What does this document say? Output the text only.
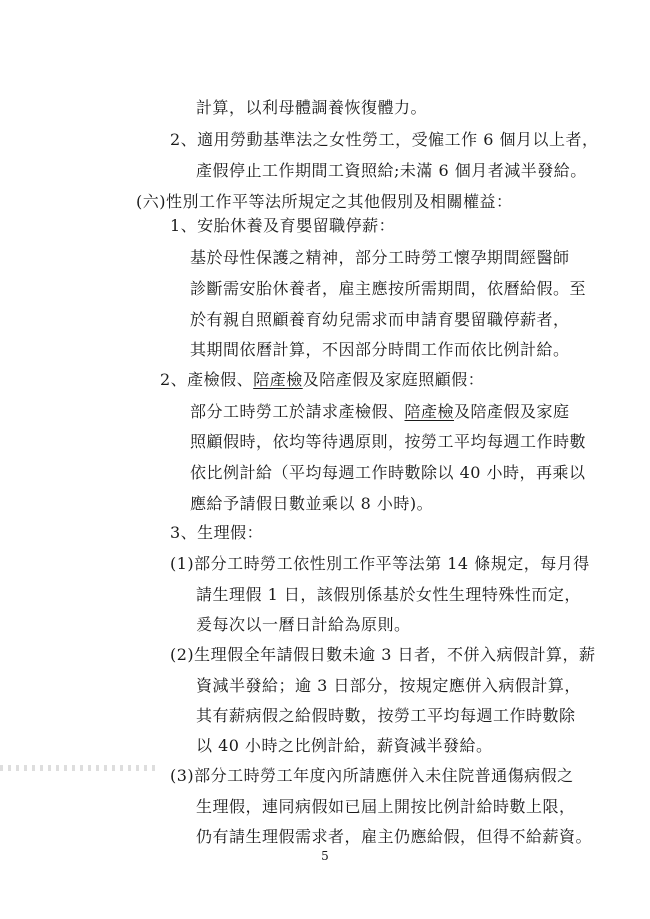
計算，以利母體調養恢復體力。
2、適用勞動基準法之女性勞工，受僱工作 6 個月以上者，
產假停止工作期間工資照給;未滿 6 個月者減半發給。
(六)性別工作平等法所規定之其他假別及相關權益：
1、安胎休養及育嬰留職停薪：
基於母性保護之精神，部分工時勞工懷孕期間經醫師
診斷需安胎休養者，雇主應按所需期間，依曆給假。至
於有親自照顧養育幼兒需求而申請育嬰留職停薪者，
其期間依曆計算，不因部分時間工作而依比例計給。
2、產檢假、陪產檢及陪產假及家庭照顧假：
部分工時勞工於請求產檢假、陪產檢及陪產假及家庭
照顧假時，依均等待遇原則，按勞工平均每週工作時數
依比例計給（平均每週工作時數除以 40 小時，再乘以
應給予請假日數並乘以 8 小時)。
3、生理假：
(1)部分工時勞工依性別工作平等法第 14 條規定，每月得
請生理假 1 日，該假別係基於女性生理特殊性而定，
爰每次以一曆日計給為原則。
(2)生理假全年請假日數未逾 3 日者，不併入病假計算，薪
資減半發給；逾 3 日部分，按規定應併入病假計算，
其有薪病假之給假時數，按勞工平均每週工作時數除
以 40 小時之比例計給，薪資減半發給。
(3)部分工時勞工年度內所請應併入未住院普通傷病假之
生理假，連同病假如已屆上開按比例計給時數上限，
仍有請生理假需求者，雇主仍應給假，但得不給薪資。
5
